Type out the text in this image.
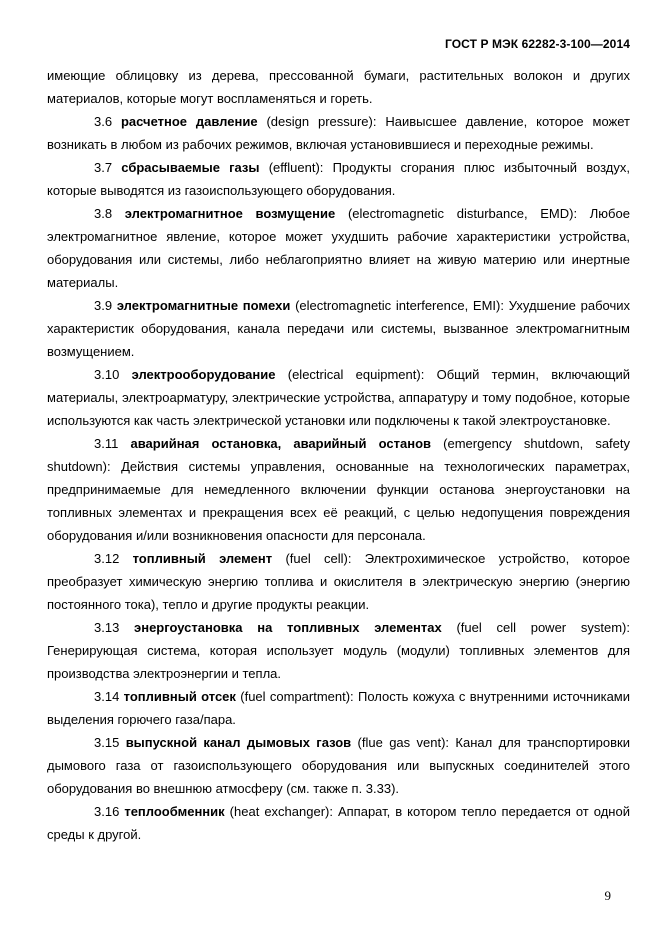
ГОСТ Р МЭК 62282-3-100—2014

имеющие облицовку из дерева, прессованной бумаги, растительных волокон и других материалов, которые могут воспламеняться и гореть.

3.6 расчетное давление (design pressure): Наивысшее давление, которое может возникать в любом из рабочих режимов, включая установившиеся и переходные режимы.

3.7 сбрасываемые газы (effluent): Продукты сгорания плюс избыточный воздух, которые выводятся из газоиспользующего оборудования.

3.8 электромагнитное возмущение (electromagnetic disturbance, EMD): Любое электромагнитное явление, которое может ухудшить рабочие характеристики устройства, оборудования или системы, либо неблагоприятно влияет на живую материю или инертные материалы.

3.9 электромагнитные помехи (electromagnetic interference, EMI): Ухудшение рабочих характеристик оборудования, канала передачи или системы, вызванное электромагнитным возмущением.

3.10 электрооборудование (electrical equipment): Общий термин, включающий материалы, электроарматуру, электрические устройства, аппаратуру и тому подобное, которые используются как часть электрической установки или подключены к такой электроустановке.

3.11 аварийная остановка, аварийный останов (emergency shutdown, safety shutdown): Действия системы управления, основанные на технологических параметрах, предпринимаемые для немедленного включении функции останова энергоустановки на топливных элементах и прекращения всех её реакций, с целью недопущения повреждения оборудования и/или возникновения опасности для персонала.

3.12 топливный элемент (fuel cell): Электрохимическое устройство, которое преобразует химическую энергию топлива и окислителя в электрическую энергию (энергию постоянного тока), тепло и другие продукты реакции.

3.13 энергоустановка на топливных элементах (fuel cell power system): Генерирующая система, которая использует модуль (модули) топливных элементов для производства электроэнергии и тепла.

3.14 топливный отсек (fuel compartment): Полость кожуха с внутренними источниками выделения горючего газа/пара.

3.15 выпускной канал дымовых газов (flue gas vent): Канал для транспортировки дымового газа от газоиспользующего оборудования или выпускных соединителей этого оборудования во внешнюю атмосферу (см. также п. 3.33).

3.16 теплообменник (heat exchanger): Аппарат, в котором тепло передается от одной среды к другой.

9
